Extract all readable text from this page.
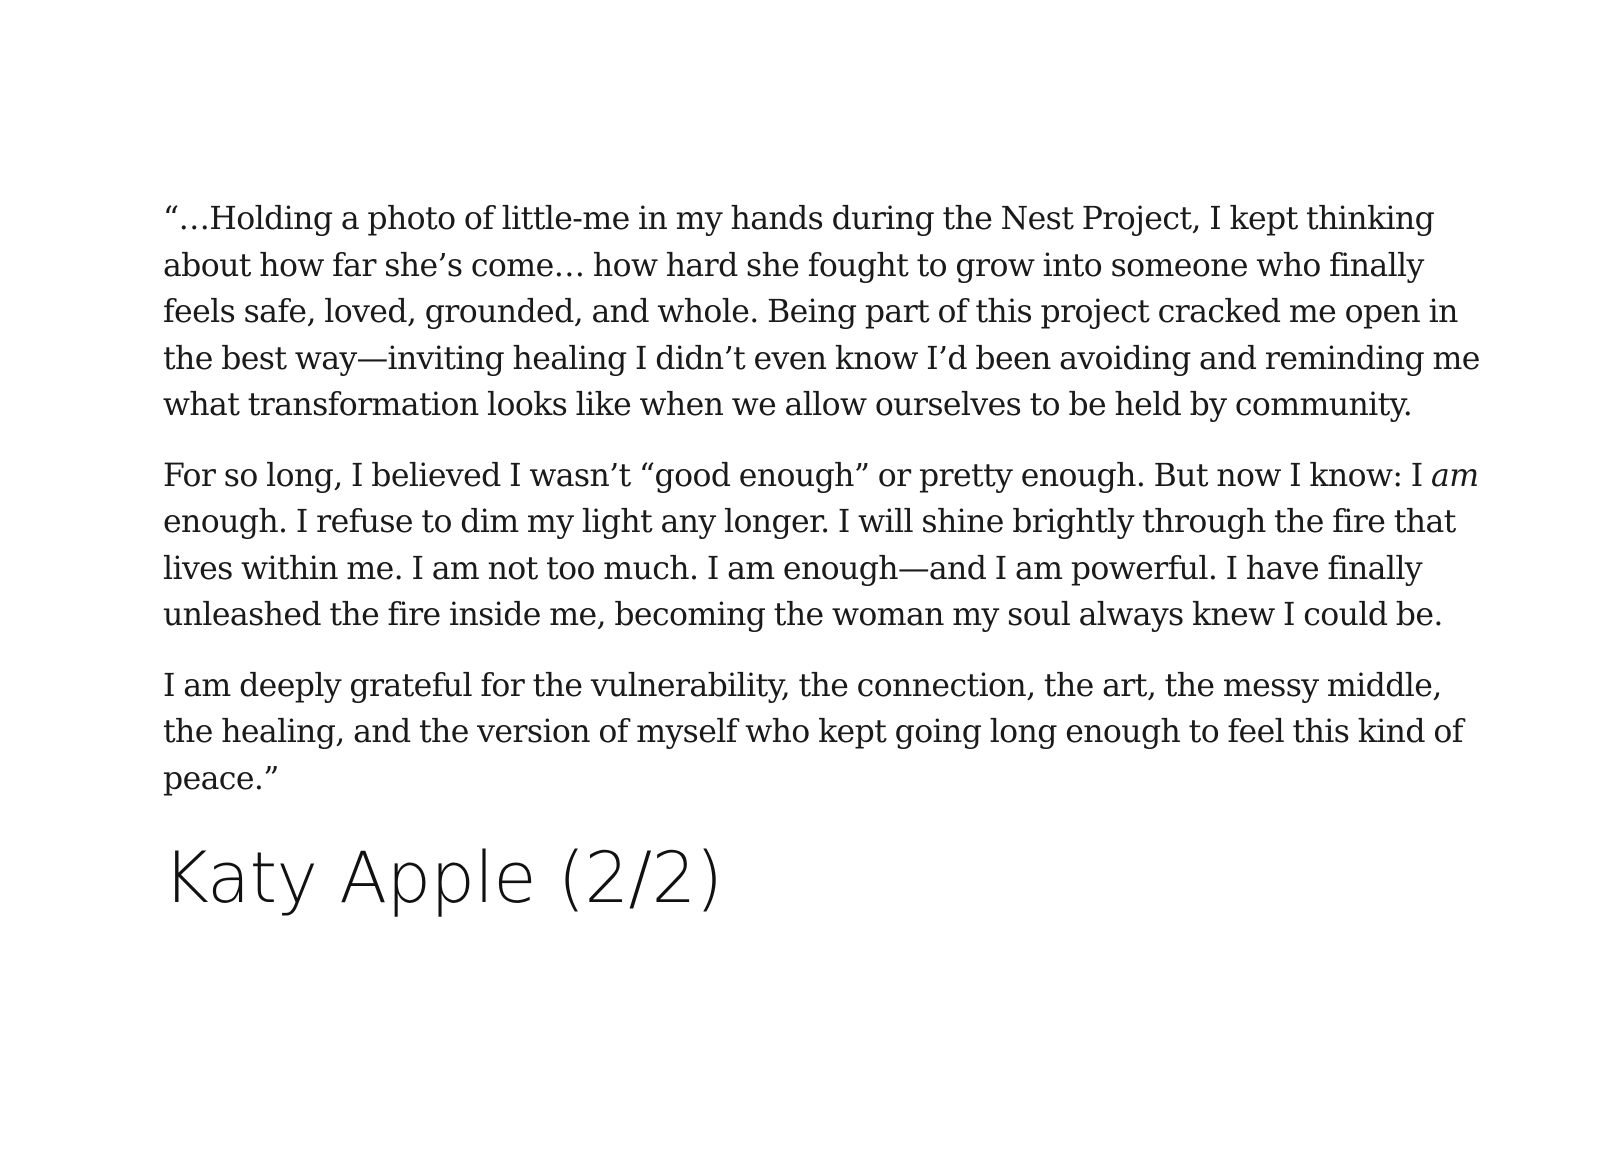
“…Holding a photo of little-me in my hands during the Nest Project, I kept thinking about how far she’s come… how hard she fought to grow into someone who finally feels safe, loved, grounded, and whole. Being part of this project cracked me open in the best way—inviting healing I didn’t even know I’d been avoiding and reminding me what transformation looks like when we allow ourselves to be held by community.

For so long, I believed I wasn’t “good enough” or pretty enough. But now I know: I am enough. I refuse to dim my light any longer. I will shine brightly through the fire that lives within me. I am not too much. I am enough—and I am powerful. I have finally unleashed the fire inside me, becoming the woman my soul always knew I could be.

I am deeply grateful for the vulnerability, the connection, the art, the messy middle, the healing, and the version of myself who kept going long enough to feel this kind of peace.”

Katy Apple (2/2)
